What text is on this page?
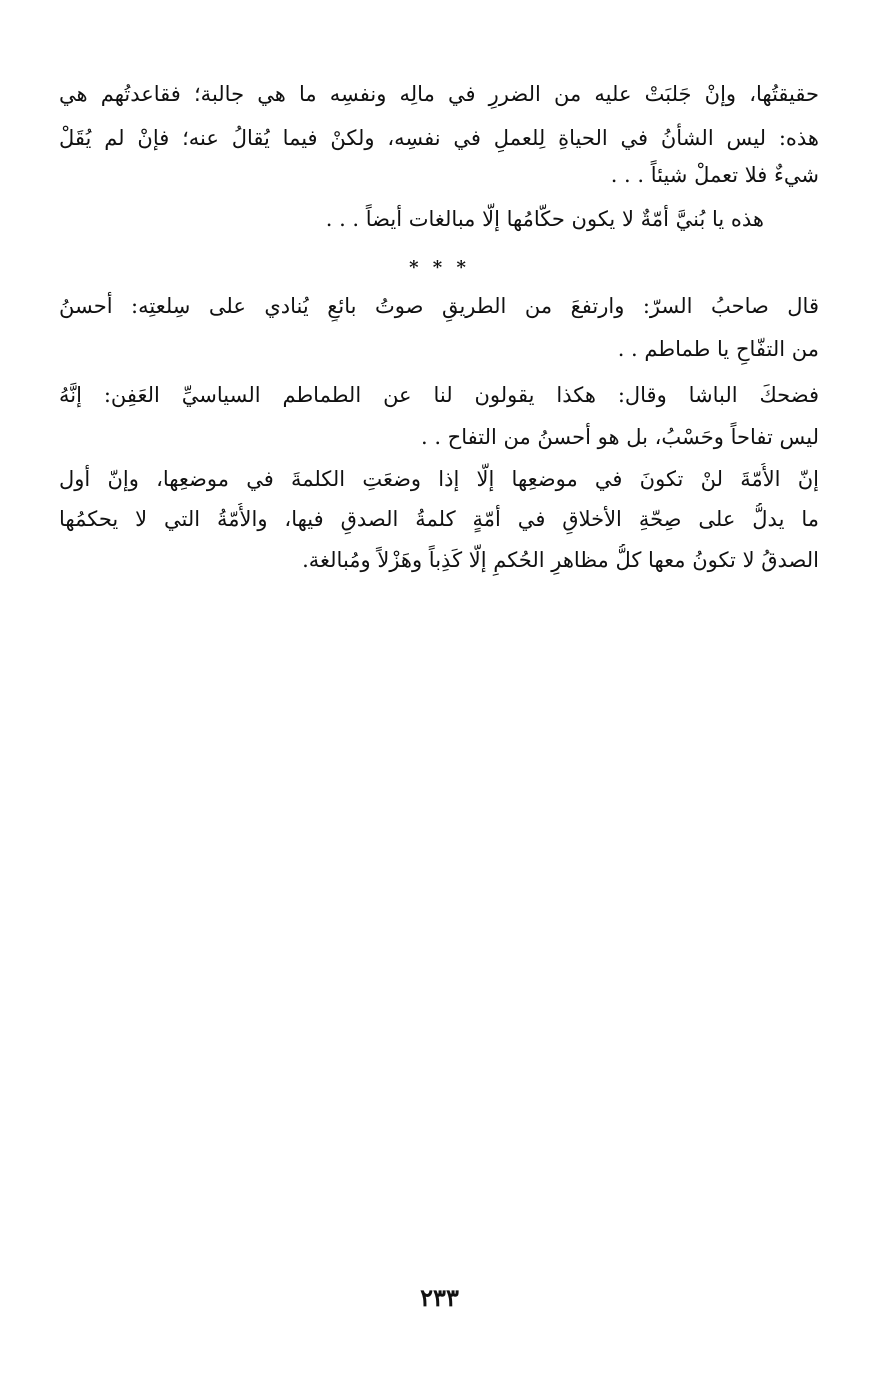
حقيقتُها، وإنْ جَلبَتْ عليه من الضررِ في مالِه ونفسِه ما هي جالبة؛ فقاعدتُهم هي
هذه: ليس الشأنُ في الحياةِ لِلعملِ في نفسِه، ولكنْ فيما يُقالُ عنه؛ فإنْ لم يُقَلْ
شيءٌ فلا تعملْ شيئاً . . .
هذه يا بُنيَّ أمّةٌ لا يكون حكّامُها إلّا مبالغات أيضاً . . .
* * *
قال صاحبُ السرّ: وارتفعَ من الطريقِ صوتُ بائعٍ يُنادي على سِلعتِه: أحسنُ
من التفّاحِ يا طماطم . .
فضحكَ الباشا وقال: هكذا يقولون لنا عن الطماطم السياسيِّ العَفِن: إنَّهُ
ليس تفاحاً وحَسْبُ، بل هو أحسنُ من التفاح . .
إنّ الأُمّةَ لنْ تكونَ في موضعِها إلّا إذا وضعَتِ الكلمةَ في موضعِها، وإنّ أول
ما يدلُّ على صِحّةِ الأخلاقِ في أمّةٍ كلمةُ الصدقِ فيها، والأُمّةُ التي لا يحكمُها
الصدقُ لا تكونُ معها كلُّ مظاهرِ الحُكمِ إلّا كَذِباً وهَزْلاً ومُبالغة.
٢٣٣
